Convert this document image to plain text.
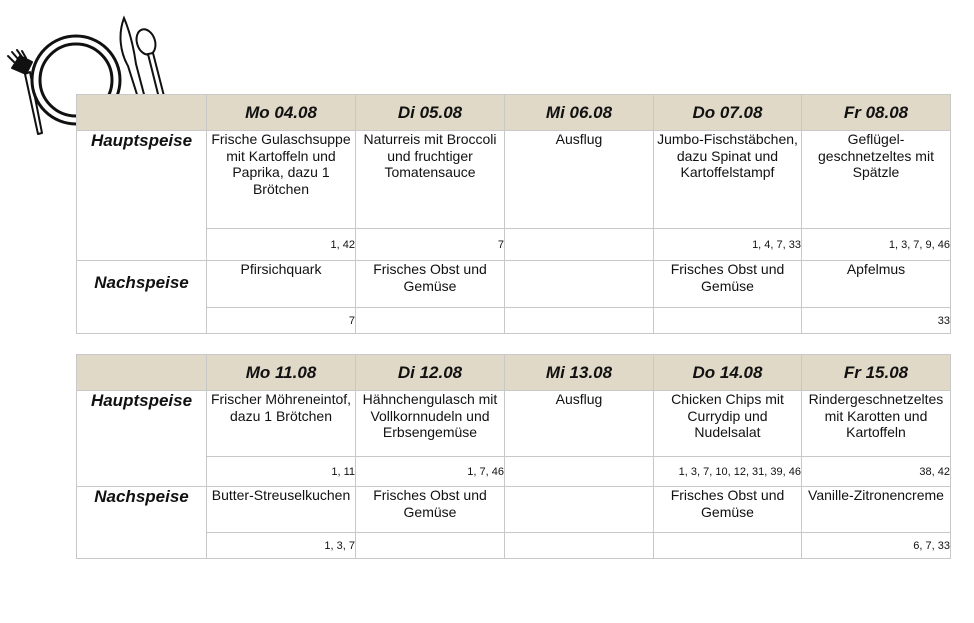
	Mo 04.08	Di 05.08	Mi 06.08	Do 07.08	Fr 08.08
Hauptspeise	Frische Gulaschsuppe mit Kartoffeln und Paprika, dazu 1 Brötchen	Naturreis mit Broccoli und fruchtiger Tomatensauce	Ausflug	Jumbo-Fischstäbchen, dazu Spinat und Kartoffelstampf	Geflügel-geschnetzeltes mit Spätzle
	1, 42	7		1, 4, 7, 33	1, 3, 7, 9, 46
Nachspeise	Pfirsichquark	Frisches Obst und Gemüse		Frisches Obst und Gemüse	Apfelmus
	7				33
	Mo 11.08	Di 12.08	Mi 13.08	Do 14.08	Fr 15.08
Hauptspeise	Frischer Möhreneintof, dazu 1 Brötchen	Hähnchengulasch mit Vollkornnudeln und Erbsengemüse	Ausflug	Chicken Chips mit Currydip und Nudelsalat	Rindergeschnetzeltes mit Karotten und Kartoffeln
	1, 11	1, 7, 46		1, 3, 7, 10, 12, 31, 39, 46	38, 42
Nachspeise	Butter-Streuselkuchen	Frisches Obst und Gemüse		Frisches Obst und Gemüse	Vanille-Zitronencreme
	1, 3, 7				6, 7, 33
